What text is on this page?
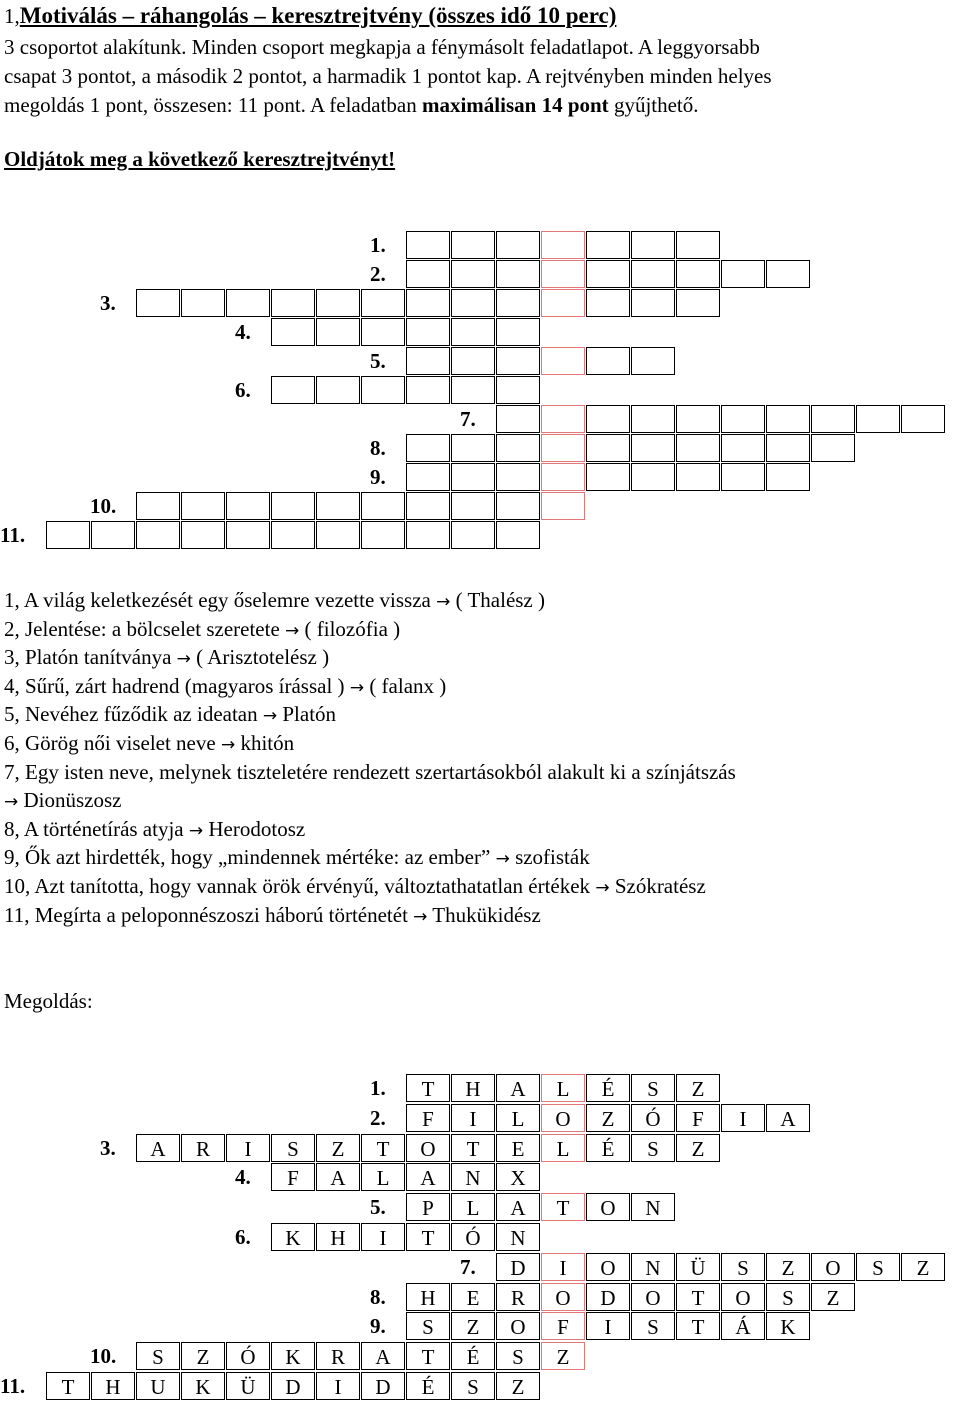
1,Motiválás – ráhangolás – keresztrejtvény (összes idő 10 perc)
3 csoportot alakítunk. Minden csoport megkapja a fénymásolt feladatlapot. A leggyorsabb
csapat 3 pontot, a második 2 pontot, a harmadik 1 pontot kap. A rejtvényben minden helyes
megoldás 1 pont, összesen: 11 pont. A feladatban maximálisan 14 pont gyűjthető.
Oldjátok meg a következő keresztrejtvényt!
1.
2.
3.
4.
5.
6.
7.
8.
9.
10.
11.
1, A világ keletkezését egy őselemre vezette vissza → ( Thalész )
2, Jelentése: a bölcselet szeretete → ( filozófia )
3, Platón tanítványa → ( Arisztotelész )
4, Sűrű, zárt hadrend (magyaros írással ) → ( falanx )
5, Nevéhez fűződik az ideatan → Platón
6, Görög női viselet neve → khitón
7, Egy isten neve, melynek tiszteletére rendezett szertartásokból alakult ki a színjátszás
→ Dionüszosz
8, A történetírás atyja → Herodotosz
9, Ők azt hirdették, hogy „mindennek mértéke: az ember” → szofisták
10, Azt tanította, hogy vannak örök érvényű, változtathatatlan értékek → Szókratész
11, Megírta a peloponnészoszi háború történetét → Thukükidész
Megoldás:
1.	T	H	A	L	É	S	Z
2.	F	I	L	O	Z	Ó	F	I	A
3.	A	R	I	S	Z	T	O	T	E	L	É	S	Z
4.	F	A	L	A	N	X
5.	P	L	A	T	O	N
6.	K	H	I	T	Ó	N
7.	D	I	O	N	Ü	S	Z	O	S	Z
8.	H	E	R	O	D	O	T	O	S	Z
9.	S	Z	O	F	I	S	T	Á	K
10.	S	Z	Ó	K	R	A	T	É	S	Z
11.	T	H	U	K	Ü	D	I	D	É	S	Z
